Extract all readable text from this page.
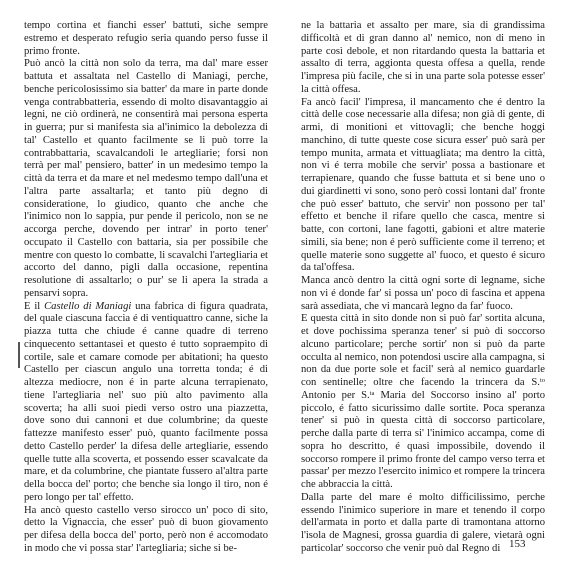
tempo cortina et fianchi esser' battuti, siche sempre estremo et desperato refugio seria quando perso fusse il primo fronte.

Può ancò la città non solo da terra, ma dal' mare esser battuta et assaltata nel Castello di Maniagi, perche, benche pericolosissimo sia batter' da mare in parte donde venga contrabbatteria, essendo di molto disavantaggio ai legni, ne ciò ordinerà, ne consentirà mai persona esperta in guerra; pur si manifesta sia al'inimico la debolezza di tal' Castello et quanto facilmente se li può torre la contrabbattaria, scavalcandoli le artegliarie; forsi non terrà per mal' pensiero, batter' in un medesimo tempo la città da terra et da mare et nel medesmo tempo dall'una et l'altra parte assaltarla; et tanto più degno di consideratione, lo giudico, quanto che anche che l'inimico non lo sappia, pur pende il pericolo, non se ne accorga perche, dovendo per intrar' in porto tener' occupato il Castello con battaria, sia per possibile che mentre con questo lo combatte, li scavalchi l'artegliaria et accorto del danno, pigli dalla occasione, repentina resolutione di assaltarlo; o pur' se li apera la strada a pensarvi sopra.

E il Castello di Maniagi una fabrica di figura quadrata, del quale ciascuna faccia é di ventiquattro canne, siche la piazza tutta che chiude é canne quadre di terreno cinquecento settantasei et questo é tutto sopraempito di cortile, sale et camare comode per abitationi; ha questo Castello per ciascun angulo una torretta tonda; é di altezza mediocre, non é in parte alcuna terrapienato, tiene l'artegliaria nel' suo più alto pavimento alla scoverta; ha alli suoi piedi verso ostro una piazzetta, dove sono dui cannoni et due columbrine; da queste fattezze manifesto esser' può, quanto facilmente possa detto Castello perder' la difesa delle artegliarie, essendo quelle tutte alla scoverta, et possendo esser scavalcate da mare, et da columbrine, che piantate fussero al'altra parte della bocca del' porto; che benche sia longo il tiro, non é pero longo per tal' effetto.

Ha ancò questo castello verso sirocco un' poco di sito, detto la Vignaccia, che esser' può di buon giovamento per difesa della bocca del' porto, però non é accomodato in modo che vi possa star' l'artegliaria; siche si be-

ne la battaria et assalto per mare, sia di grandissima difficoltà et di gran danno al' nemico, non di meno in parte così debole, et non ritardando questa la battaria et assalto di terra, aggionta questa offesa a quella, rende l'impresa più facile, che si in una parte sola potesse esser' la città offesa.

Fa ancò facil' l'impresa, il mancamento che é dentro la città delle cose necessarie alla difesa; non già di gente, di armi, di monitioni et vittovagli; che benche hoggi manchino, di tutte queste cose sicura esser' può sarà per tempo munita, armata et vittuagliata; ma dentro la città, non vi é terra mobile che servir' possa a bastionare et terrapienare, quando che fusse battuta et si bene uno o dui giardinetti vi sono, sono però cossi lontani dal' fronte che può esser' battuto, che servir' non possono per tal' effetto et benche il rifare quello che casca, mentre si batte, con cortoni, lane fagotti, gabioni et altre materie simili, sia bene; non é però sufficiente come il terreno; et quelle materie sono suggette al' fuoco, et questo é sicuro da tal'offesa.

Manca ancò dentro la città ogni sorte di legname, siche non vi é donde far' si possa un' poco di fascina et appena sarà assediata, che vi mancarà legno da far' fuoco.

E questa città in sito donde non si può far' sortita alcuna, et dove pochissima speranza tener' si può di soccorso alcuno particolare; perche sortir' non si può da parte occulta al nemico, non potendosi uscire alla campagna, si non da due porte sole et facil' serà al nemico guardarle con sentinelle; oltre che facendo la trincera da S.ᵗᵒ Antonio per S.ᵗᵃ Maria del Soccorso insino al' porto piccolo, é fatto sicurissimo dalle sortite. Poca speranza tener' si può in questa città di soccorso particolare, perche dalla parte di terra si' l'inimico accampa, come di sopra ho descritto, é quasi impossibile, dovendo il soccorso rompere il primo fronte del campo verso terra et passar' per mezzo l'esercito inimico et rompere la trincera che abbraccia la città.

Dalla parte del mare é molto difficilissimo, perche essendo l'inimico superiore in mare et tenendo il corpo dell'armata in porto et dalla parte di tramontana attorno l'isola de Magnesi, grossa guardia di galere, vietarà ogni particolar' soccorso che venir può dal Regno di 153
